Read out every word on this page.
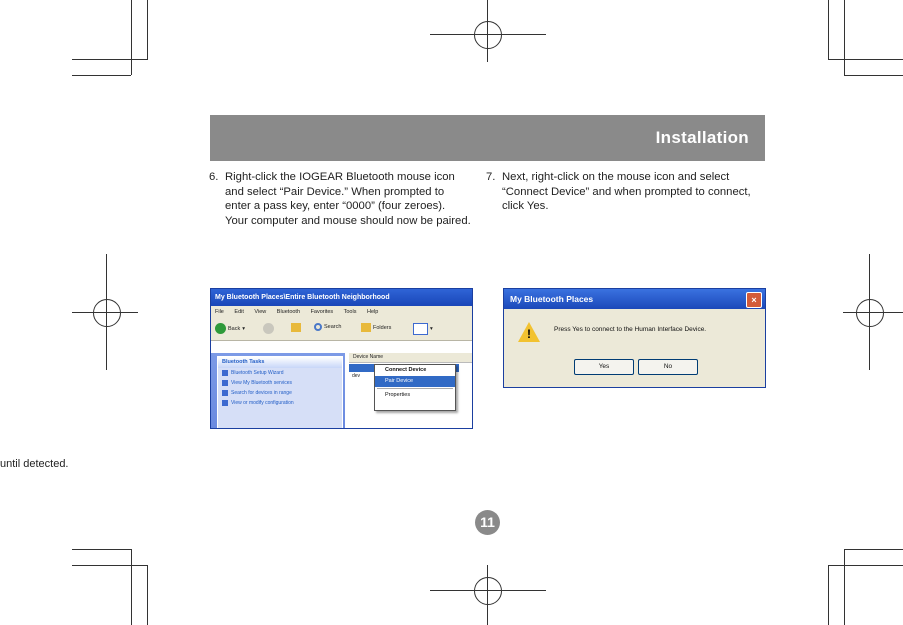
Installation
6. Right-click the IOGEAR Bluetooth mouse icon
and select “Pair Device.” When prompted to
enter a pass key, enter “0000” (four zeroes).
Your computer and mouse should now be paired.
7. Next, right-click on the mouse icon and select
“Connect Device” and when prompted to connect,
click Yes.
My Bluetooth Places\Entire Bluetooth Neighborhood
File Edit View Bluetooth Favorites Tools Help
Back ▾	Search	Folders	▾
Bluetooth Tasks
Bluetooth Setup Wizard
View My Bluetooth services
Search for devices in range
View or modify configuration
Device Name
dev
Connect Device
Pair Device
Properties
My Bluetooth Places	×
!	Press Yes to connect to the Human Interface Device.
Yes	No
until detected.
11
